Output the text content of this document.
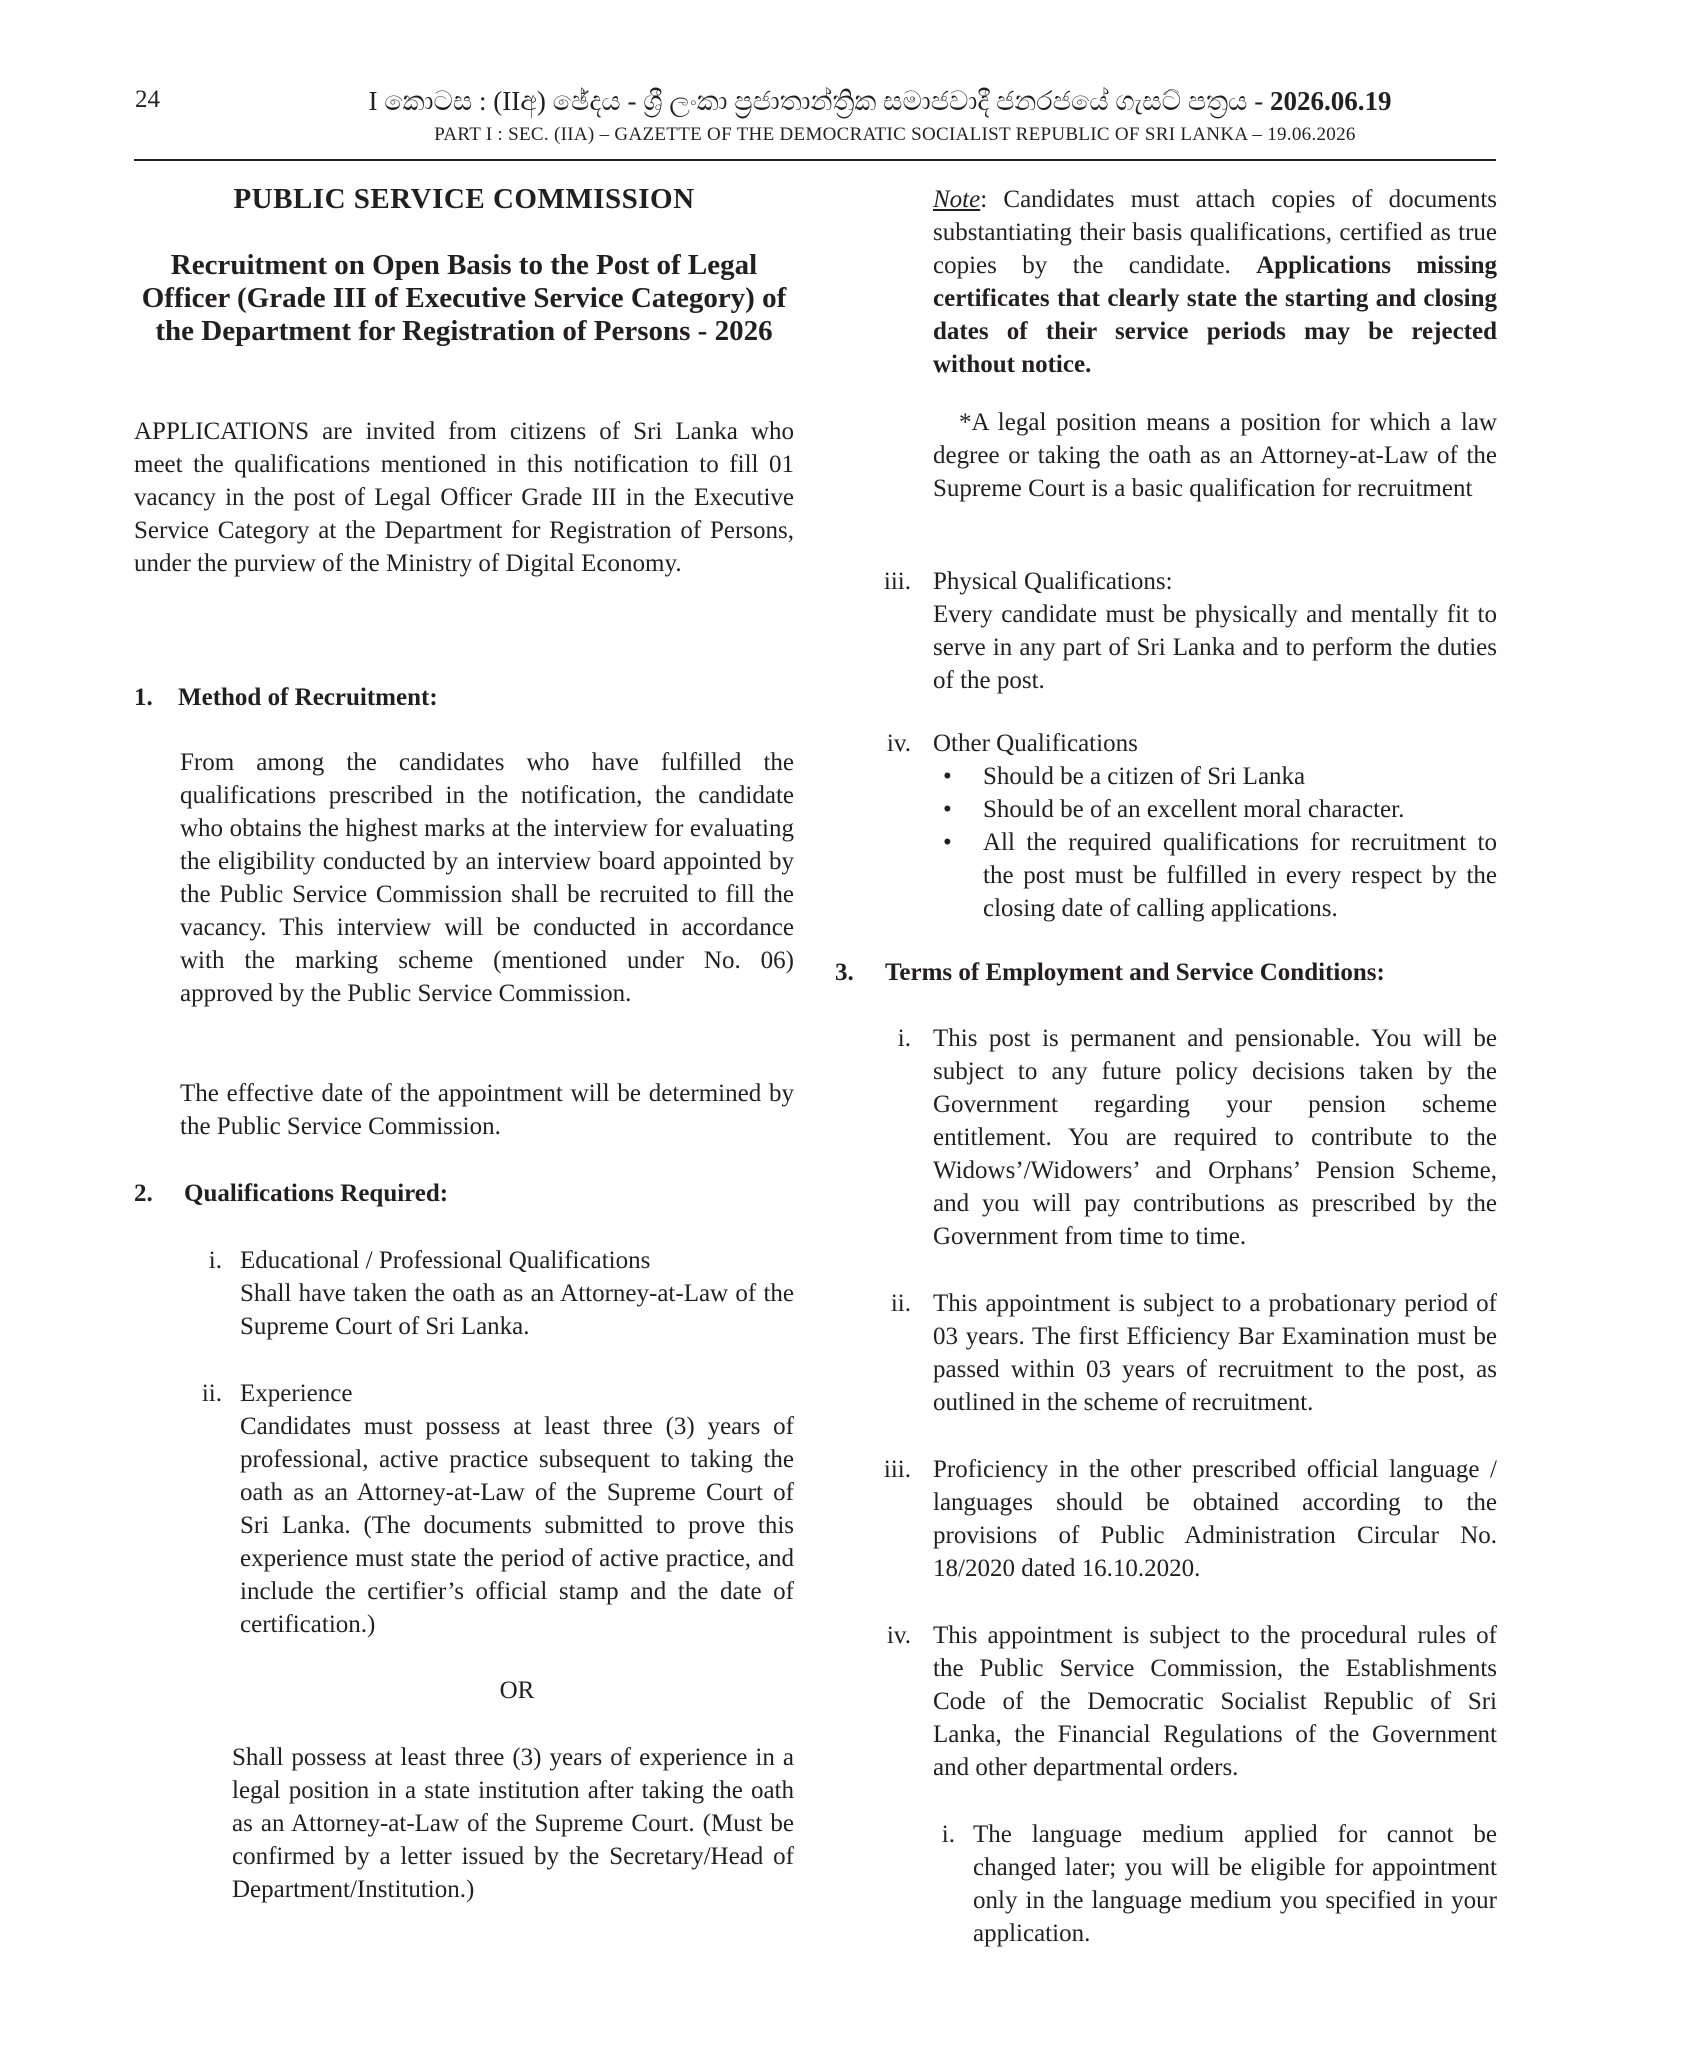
24	I කොටස : (IIඅ) ඡේදය - ශ්‍රී ලංකා ප්‍රජාතාන්ත්‍රික සමාජවාදී ජනරජයේ ගැසට් පත්‍රය - 2026.06.19
PART I : SEC. (IIA) – GAZETTE OF THE DEMOCRATIC SOCIALIST REPUBLIC OF SRI LANKA – 19.06.2026
PUBLIC SERVICE COMMISSION
Recruitment on Open Basis to the Post of Legal Officer (Grade III of Executive Service Category) of the Department for Registration of Persons - 2026
APPLICATIONS are invited from citizens of Sri Lanka who meet the qualifications mentioned in this notification to fill 01 vacancy in the post of Legal Officer Grade III in the Executive Service Category at the Department for Registration of Persons, under the purview of the Ministry of Digital Economy.
1. Method of Recruitment:
From among the candidates who have fulfilled the qualifications prescribed in the notification, the candidate who obtains the highest marks at the interview for evaluating the eligibility conducted by an interview board appointed by the Public Service Commission shall be recruited to fill the vacancy. This interview will be conducted in accordance with the marking scheme (mentioned under No. 06) approved by the Public Service Commission.
The effective date of the appointment will be determined by the Public Service Commission.
2. Qualifications Required:
i. Educational / Professional Qualifications
Shall have taken the oath as an Attorney-at-Law of the Supreme Court of Sri Lanka.
ii. Experience
Candidates must possess at least three (3) years of professional, active practice subsequent to taking the oath as an Attorney-at-Law of the Supreme Court of Sri Lanka. (The documents submitted to prove this experience must state the period of active practice, and include the certifier’s official stamp and the date of certification.)
OR
Shall possess at least three (3) years of experience in a legal position in a state institution after taking the oath as an Attorney-at-Law of the Supreme Court. (Must be confirmed by a letter issued by the Secretary/Head of Department/Institution.)
Note: Candidates must attach copies of documents substantiating their basis qualifications, certified as true copies by the candidate. Applications missing certificates that clearly state the starting and closing dates of their service periods may be rejected without notice.
*A legal position means a position for which a law degree or taking the oath as an Attorney-at-Law of the Supreme Court is a basic qualification for recruitment
iii. Physical Qualifications:
Every candidate must be physically and mentally fit to serve in any part of Sri Lanka and to perform the duties of the post.
iv. Other Qualifications
• Should be a citizen of Sri Lanka
• Should be of an excellent moral character.
• All the required qualifications for recruitment to the post must be fulfilled in every respect by the closing date of calling applications.
3. Terms of Employment and Service Conditions:
i. This post is permanent and pensionable. You will be subject to any future policy decisions taken by the Government regarding your pension scheme entitlement. You are required to contribute to the Widows’/Widowers’ and Orphans’ Pension Scheme, and you will pay contributions as prescribed by the Government from time to time.
ii. This appointment is subject to a probationary period of 03 years. The first Efficiency Bar Examination must be passed within 03 years of recruitment to the post, as outlined in the scheme of recruitment.
iii. Proficiency in the other prescribed official language / languages should be obtained according to the provisions of Public Administration Circular No. 18/2020 dated 16.10.2020.
iv. This appointment is subject to the procedural rules of the Public Service Commission, the Establishments Code of the Democratic Socialist Republic of Sri Lanka, the Financial Regulations of the Government and other departmental orders.
i. The language medium applied for cannot be changed later; you will be eligible for appointment only in the language medium you specified in your application.
